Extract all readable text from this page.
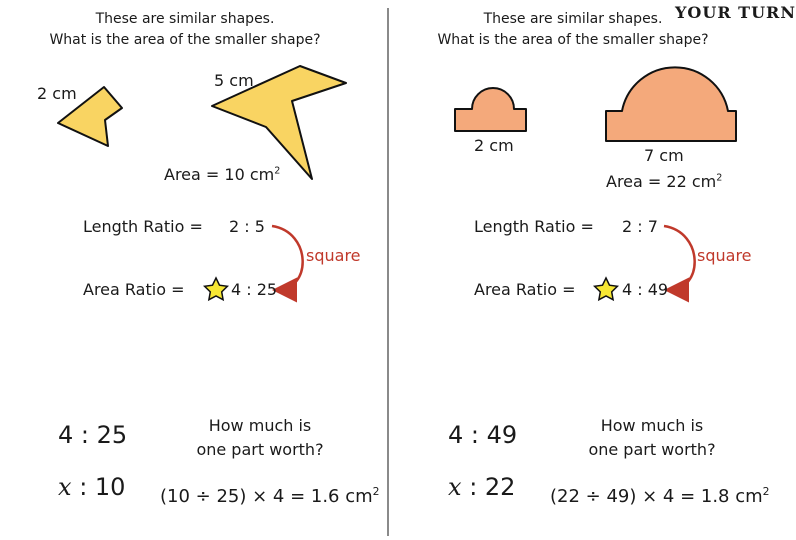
These are similar shapes.
What is the area of the smaller shape?
2 cm
5 cm
Area = 10 $cm^2$
Length Ratio = 2 : 5
square
Area Ratio =	4 : 25
4 : 25
x : 10
How much is
one part worth?
(10 ÷ 25) × 4 = 1.6 $cm^2$
YOUR TURN
These are similar shapes.
What is the area of the smaller shape?
2 cm
7 cm
Area = 22 $cm^2$
Length Ratio = 2 : 7
square
Area Ratio =	4 : 49
4 : 49
x : 22
How much is
one part worth?
(22 ÷ 49) × 4 = 1.8 $cm^2$
